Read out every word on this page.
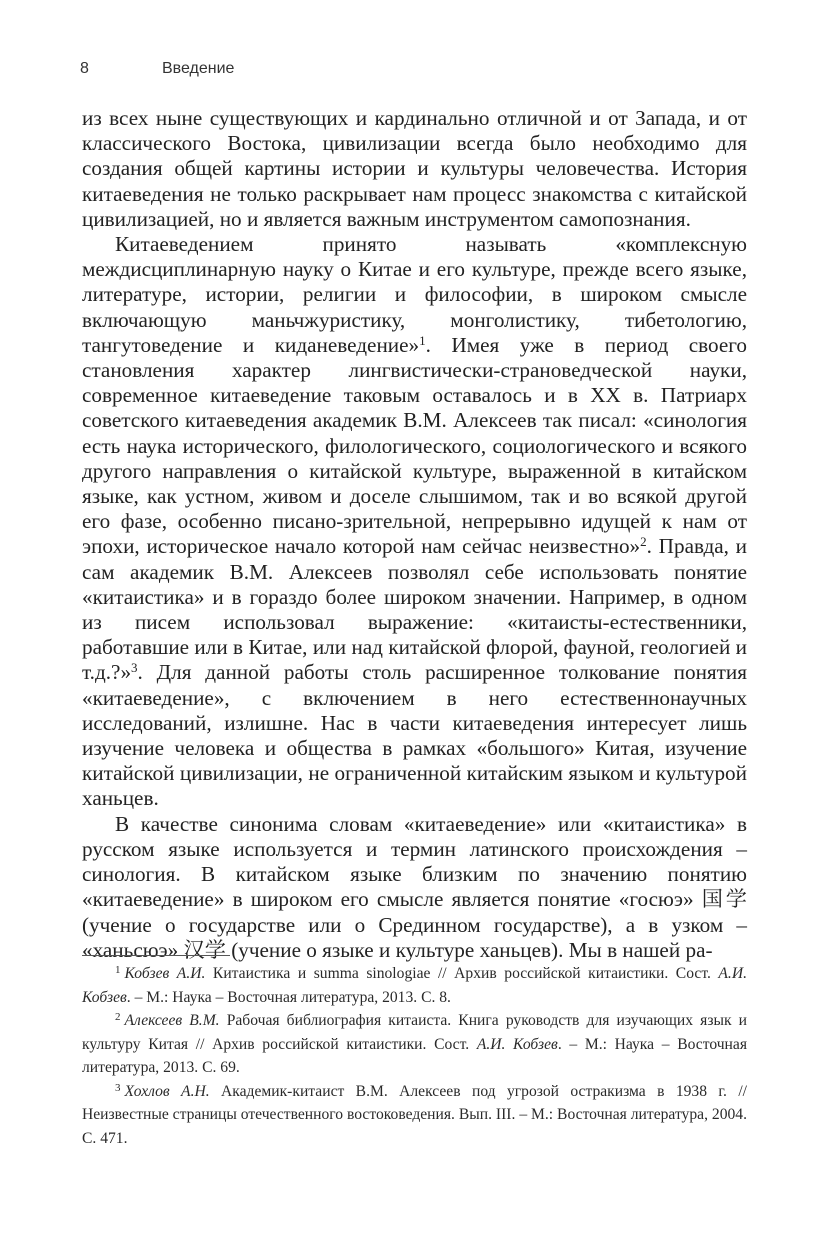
8	Введение

из всех ныне существующих и кардинально отличной и от Запада, и от классического Востока, цивилизации всегда было необходимо для создания общей картины истории и культуры человечества. История китаеведения не только раскрывает нам процесс знакомства с китайской цивилизацией, но и является важным инструментом самопознания.

Китаеведением принято называть «комплексную междисциплинарную науку о Китае и его культуре, прежде всего языке, литературе, истории, религии и философии, в широком смысле включающую маньчжуристику, монголистику, тибетологию, тангутоведение и киданеведение»$^1$. Имея уже в период своего становления характер лингвистически-страноведческой науки, современное китаеведение таковым оставалось и в XX в. Патриарх советского китаеведения академик В.М. Алексеев так писал: «синология есть наука исторического, филологического, социологического и всякого другого направления о китайской культуре, выраженной в китайском языке, как устном, живом и доселе слышимом, так и во всякой другой его фазе, особенно писано-зрительной, непрерывно идущей к нам от эпохи, историческое начало которой нам сейчас неизвестно»$^2$. Правда, и сам академик В.М. Алексеев позволял себе использовать понятие «китаистика» и в гораздо более широком значении. Например, в одном из писем использовал выражение: «китаисты-естественники, работавшие или в Китае, или над китайской флорой, фауной, геологией и т.д.?»$^3$. Для данной работы столь расширенное толкование понятия «китаеведение», с включением в него естественнонаучных исследований, излишне. Нас в части китаеведения интересует лишь изучение человека и общества в рамках «большого» Китая, изучение китайской цивилизации, не ограниченной китайским языком и культурой ханьцев.

В качестве синонима словам «китаеведение» или «китаистика» в русском языке используется и термин латинского происхождения – синология. В китайском языке близким по значению понятию «китаеведение» в широком его смысле является понятие «госюэ» 国学 (учение о государстве или о Срединном государстве), а в узком – «ханьсюэ» 汉学 (учение о языке и культуре ханьцев). Мы в нашей ра-

$^1$ Кобзев А.И. Китаистика и summa sinologiae // Архив российской китаистики. Сост. А.И. Кобзев. – М.: Наука – Восточная литература, 2013. С. 8.

$^2$ Алексеев В.М. Рабочая библиография китаиста. Книга руководств для изучающих язык и культуру Китая // Архив российской китаистики. Сост. А.И. Кобзев. – М.: Наука – Восточная литература, 2013. С. 69.

$^3$ Хохлов А.Н. Академик-китаист В.М. Алексеев под угрозой остракизма в 1938 г. // Неизвестные страницы отечественного востоковедения. Вып. III. – М.: Восточная литература, 2004. С. 471.
